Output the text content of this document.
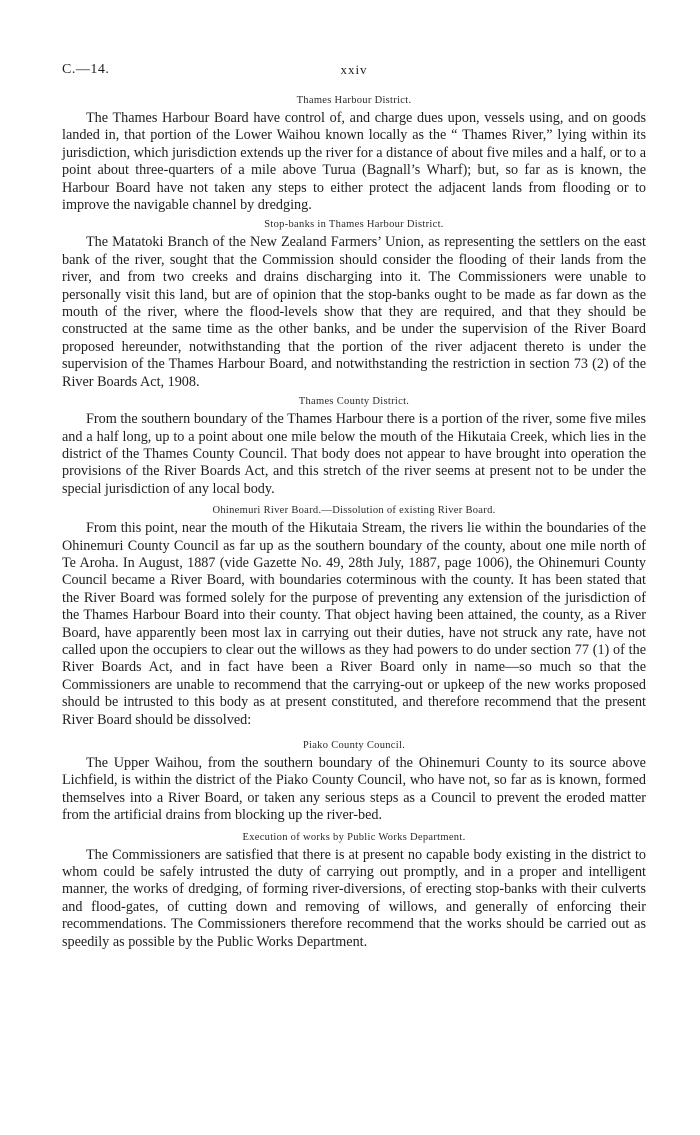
C.—14.	xxiv
Thames Harbour District.

The Thames Harbour Board have control of, and charge dues upon, vessels using, and on goods landed in, that portion of the Lower Waihou known locally as the “ Thames River,” lying within its jurisdiction, which jurisdiction extends up the river for a distance of about five miles and a half, or to a point about three-quarters of a mile above Turua (Bagnall’s Wharf); but, so far as is known, the Harbour Board have not taken any steps to either protect the adjacent lands from flooding or to improve the navigable channel by dredging.

Stop-banks in Thames Harbour District.

The Matatoki Branch of the New Zealand Farmers’ Union, as representing the settlers on the east bank of the river, sought that the Commission should consider the flooding of their lands from the river, and from two creeks and drains discharging into it. The Commissioners were unable to personally visit this land, but are of opinion that the stop-banks ought to be made as far down as the mouth of the river, where the flood-levels show that they are required, and that they should be constructed at the same time as the other banks, and be under the supervision of the River Board proposed hereunder, notwithstanding that the portion of the river adjacent thereto is under the supervision of the Thames Harbour Board, and notwithstanding the restriction in section 73 (2) of the River Boards Act, 1908.

Thames County District.

From the southern boundary of the Thames Harbour there is a portion of the river, some five miles and a half long, up to a point about one mile below the mouth of the Hikutaia Creek, which lies in the district of the Thames County Council. That body does not appear to have brought into operation the provisions of the River Boards Act, and this stretch of the river seems at present not to be under the special jurisdiction of any local body.

Ohinemuri River Board.—Dissolution of existing River Board.

From this point, near the mouth of the Hikutaia Stream, the rivers lie within the boundaries of the Ohinemuri County Council as far up as the southern boundary of the county, about one mile north of Te Aroha. In August, 1887 (vide Gazette No. 49, 28th July, 1887, page 1006), the Ohinemuri County Council became a River Board, with boundaries coterminous with the county. It has been stated that the River Board was formed solely for the purpose of preventing any extension of the jurisdiction of the Thames Harbour Board into their county. That object having been attained, the county, as a River Board, have apparently been most lax in carrying out their duties, have not struck any rate, have not called upon the occupiers to clear out the willows as they had powers to do under section 77 (1) of the River Boards Act, and in fact have been a River Board only in name—so much so that the Commissioners are unable to recommend that the carrying-out or upkeep of the new works proposed should be intrusted to this body as at present constituted, and therefore recommend that the present River Board should be dissolved:

Piako County Council.

The Upper Waihou, from the southern boundary of the Ohinemuri County to its source above Lichfield, is within the district of the Piako County Council, who have not, so far as is known, formed themselves into a River Board, or taken any serious steps as a Council to prevent the eroded matter from the artificial drains from blocking up the river-bed.

Execution of works by Public Works Department.

The Commissioners are satisfied that there is at present no capable body existing in the district to whom could be safely intrusted the duty of carrying out promptly, and in a proper and intelligent manner, the works of dredging, of forming river-diversions, of erecting stop-banks with their culverts and flood-gates, of cutting down and removing of willows, and generally of enforcing their recommendations. The Commissioners therefore recommend that the works should be carried out as speedily as possible by the Public Works Department.
